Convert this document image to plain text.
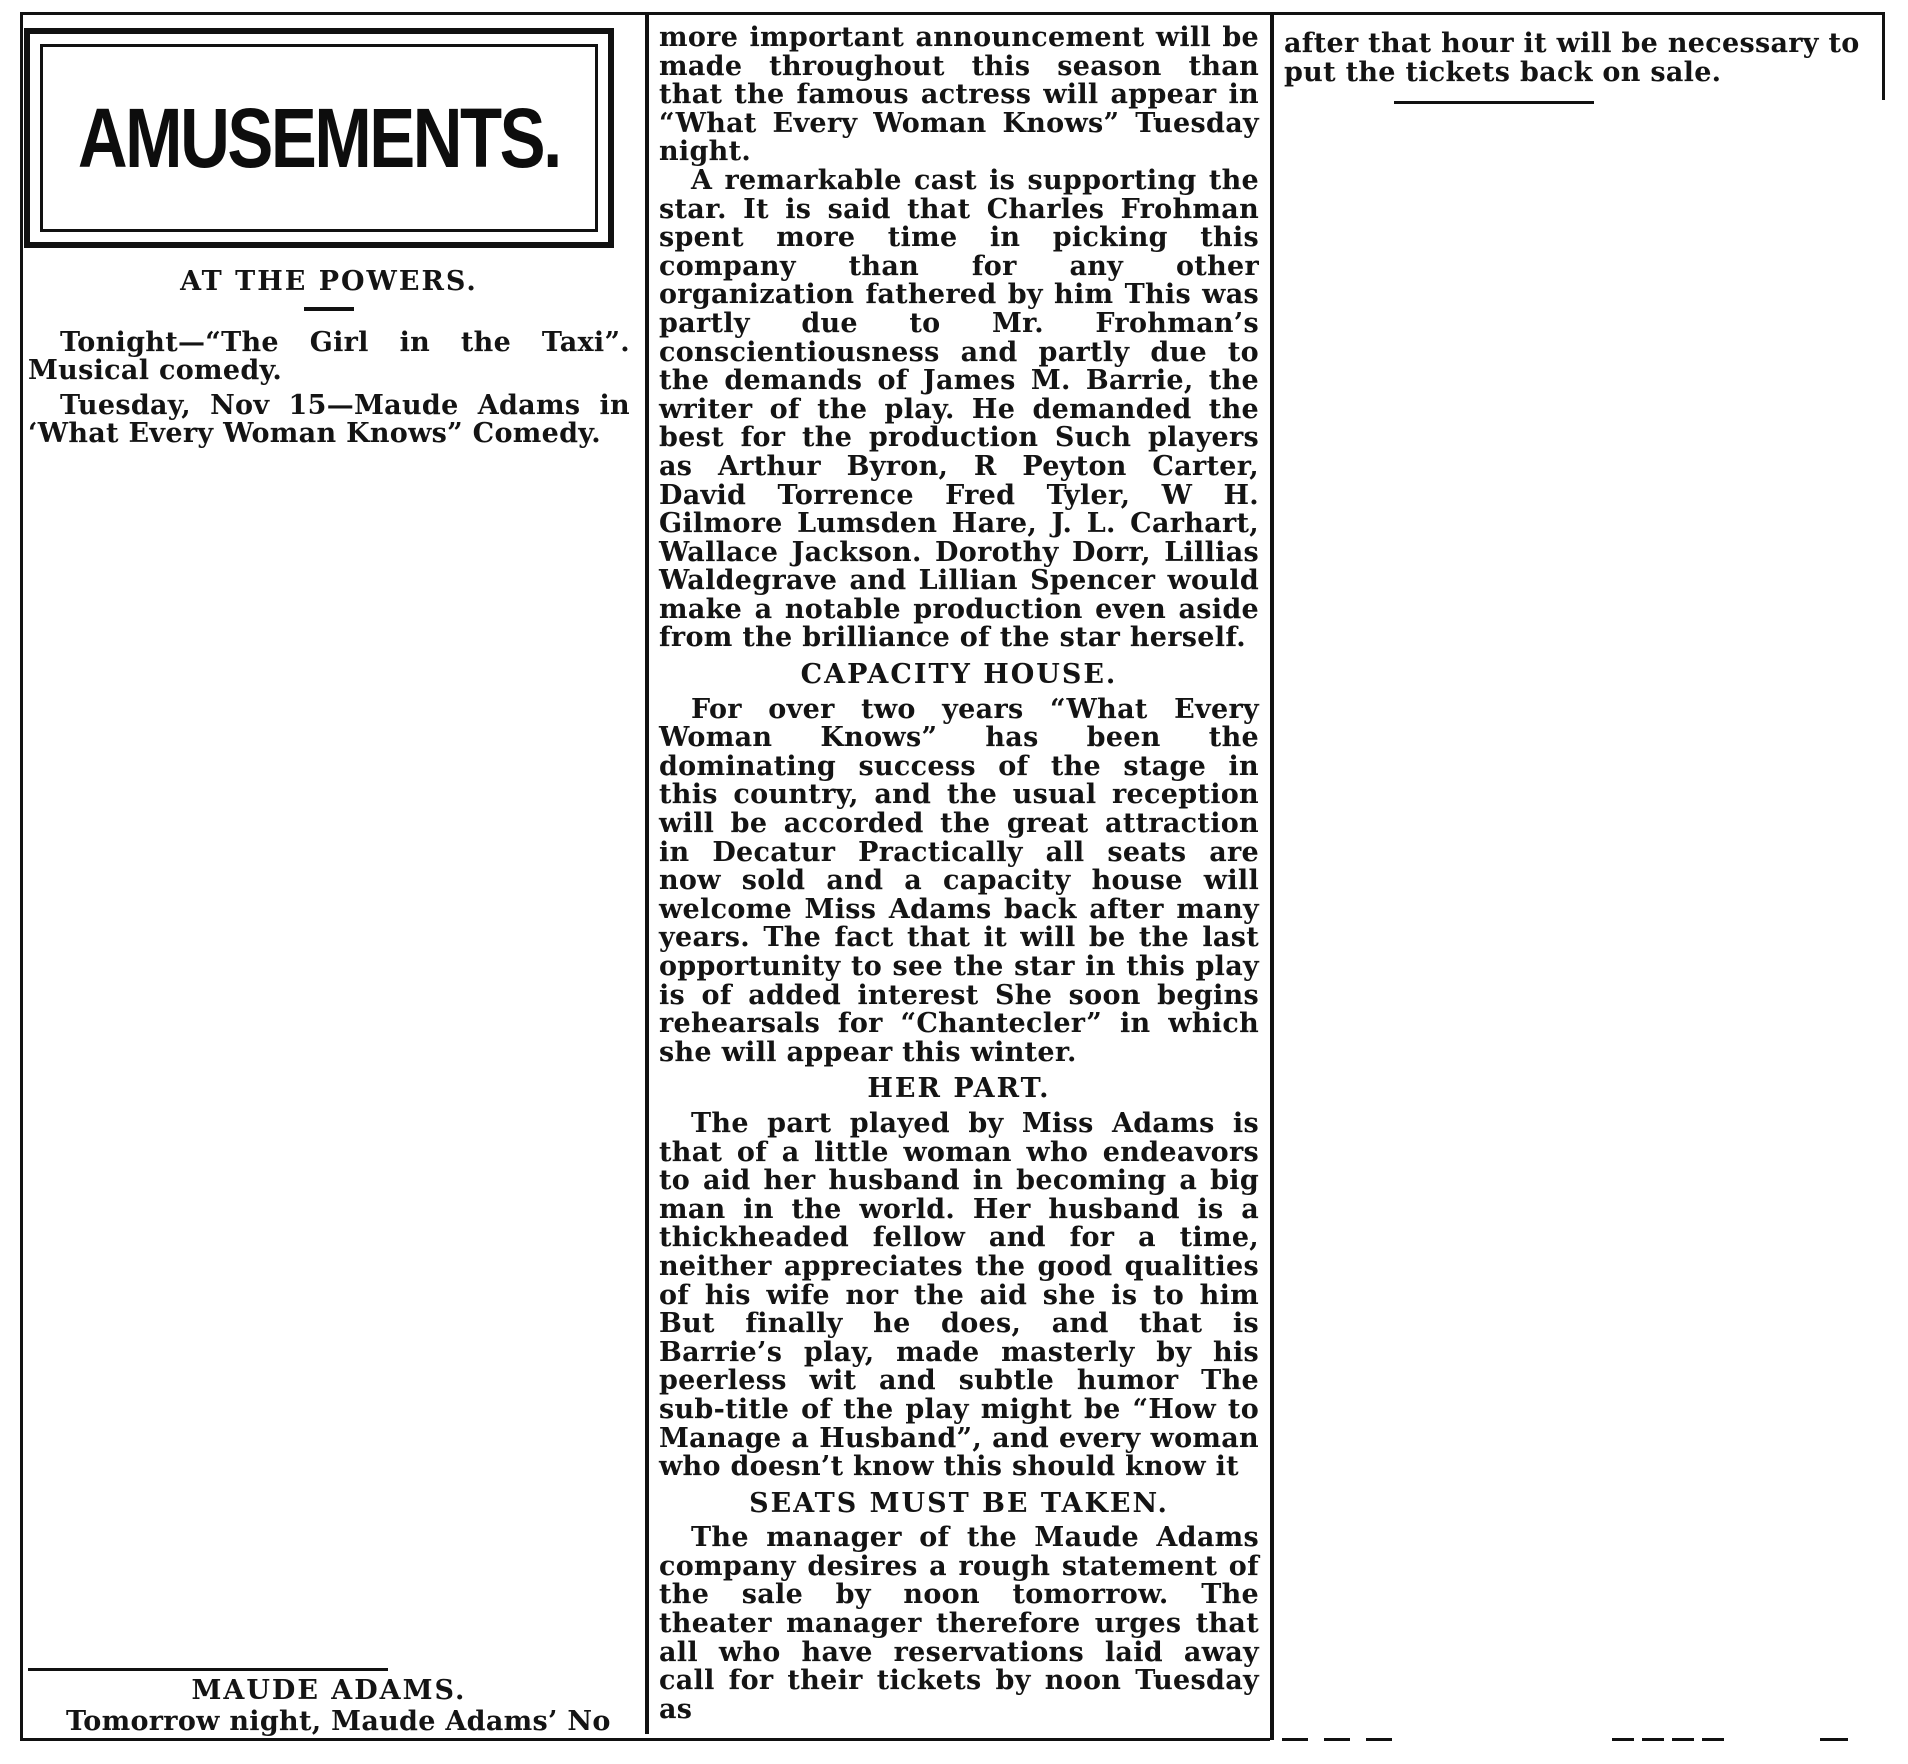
AMUSEMENTS.
AT THE POWERS.

Tonight—“The Girl in the Taxi”. Musical comedy.

Tuesday, Nov 15—Maude Adams in ‘What Every Woman Knows” Comedy.

MAUDE ADAMS.

Tomorrow night, Maude Adams’ No

more important announcement will be made throughout this season than that the famous actress will appear in “What Every Woman Knows” Tuesday night.

A remarkable cast is supporting the star. It is said that Charles Frohman spent more time in picking this company than for any other organization fathered by him This was partly due to Mr. Frohman’s conscientiousness and partly due to the demands of James M. Barrie, the writer of the play. He demanded the best for the production Such players as Arthur Byron, R Peyton Carter, David Torrence Fred Tyler, W H. Gilmore Lumsden Hare, J. L. Carhart, Wallace Jackson. Dorothy Dorr, Lillias Waldegrave and Lillian Spencer would make a notable production even aside from the brilliance of the star herself.

CAPACITY HOUSE.

For over two years “What Every Woman Knows” has been the dominating success of the stage in this country, and the usual reception will be accorded the great attraction in Decatur Practically all seats are now sold and a capacity house will welcome Miss Adams back after many years. The fact that it will be the last opportunity to see the star in this play is of added interest She soon begins rehearsals for “Chantecler” in which she will appear this winter.

HER PART.

The part played by Miss Adams is that of a little woman who endeavors to aid her husband in becoming a big man in the world. Her husband is a thickheaded fellow and for a time, neither appreciates the good qualities of his wife nor the aid she is to him But finally he does, and that is Barrie’s play, made masterly by his peerless wit and subtle humor The sub-title of the play might be “How to Manage a Husband”, and every woman who doesn’t know this should know it

SEATS MUST BE TAKEN.

The manager of the Maude Adams company desires a rough statement of the sale by noon tomorrow. The theater manager therefore urges that all who have reservations laid away call for their tickets by noon Tuesday as

after that hour it will be necessary to put the tickets back on sale.
